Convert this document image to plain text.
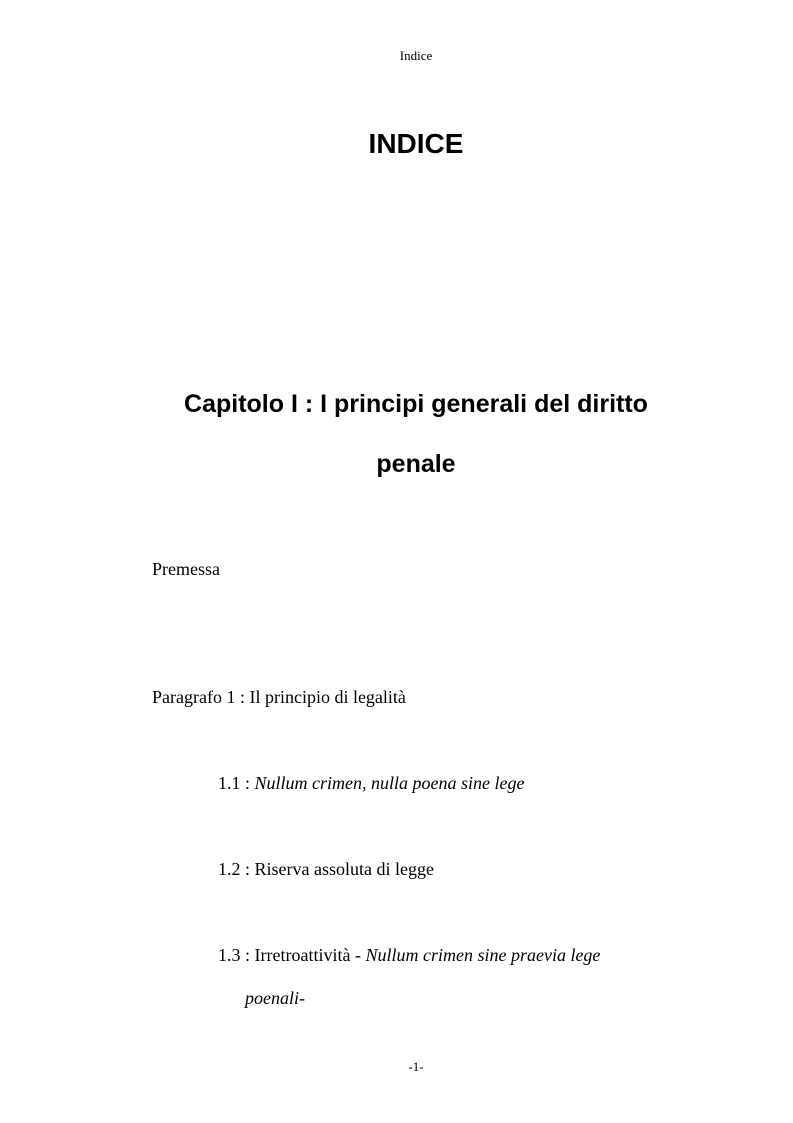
Indice
INDICE
Capitolo I : I principi generali del diritto
penale
Premessa
Paragrafo 1 : Il principio di legalità
1.1 : Nullum crimen, nulla poena sine lege
1.2 : Riserva assoluta di legge
1.3 : Irretroattività - Nullum crimen sine praevia lege
poenali-
-1-
